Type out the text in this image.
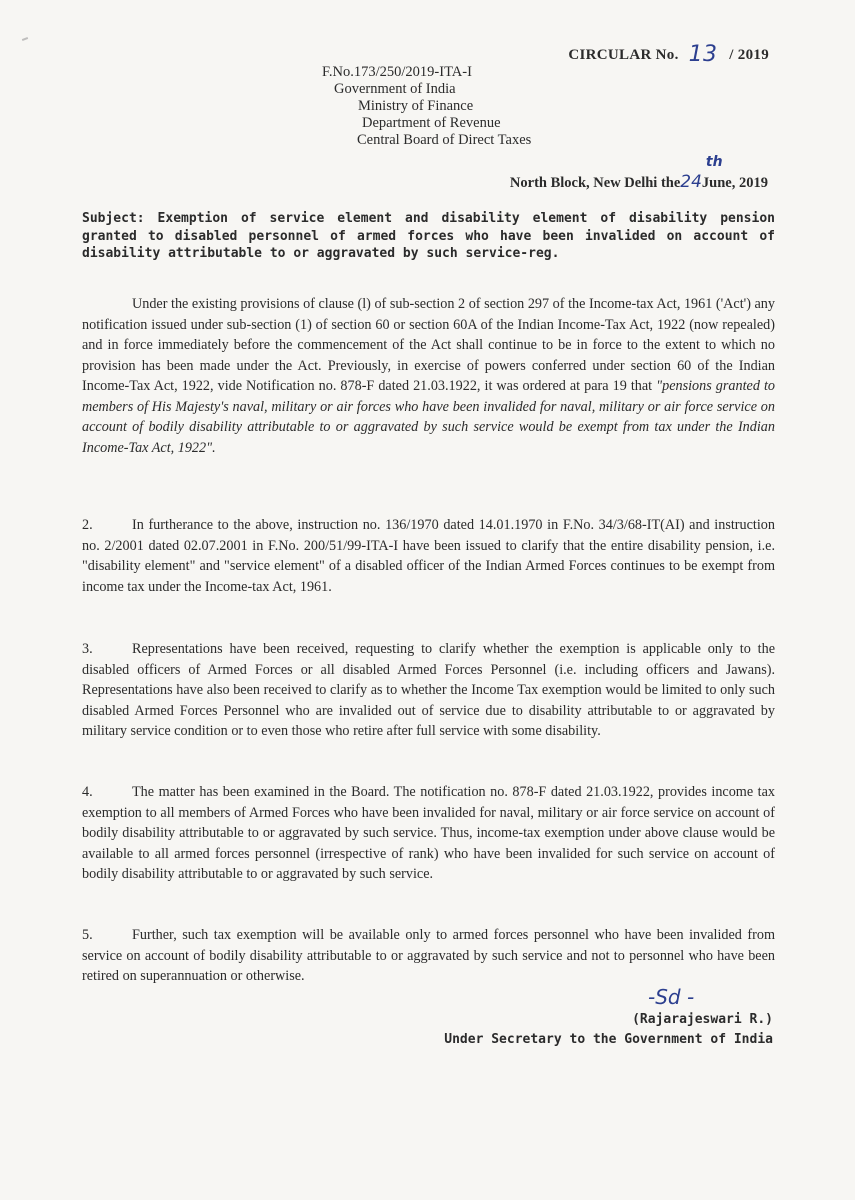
CIRCULAR No. 13 / 2019
F.No.173/250/2019-ITA-I
Government of India
Ministry of Finance
Department of Revenue
Central Board of Direct Taxes
North Block, New Delhi the24
th
June, 2019
Subject: Exemption of service element and disability element of disability pension granted to disabled personnel of armed forces who have been invalided on account of disability attributable to or aggravated by such service-reg.
Under the existing provisions of clause (l) of sub-section 2 of section 297 of the Income-tax Act, 1961 ('Act') any notification issued under sub-section (1) of section 60 or section 60A of the Indian Income-Tax Act, 1922 (now repealed) and in force immediately before the commencement of the Act shall continue to be in force to the extent to which no provision has been made under the Act. Previously, in exercise of powers conferred under section 60 of the Indian Income-Tax Act, 1922, vide Notification no. 878-F dated 21.03.1922, it was ordered at para 19 that "pensions granted to members of His Majesty's naval, military or air forces who have been invalided for naval, military or air force service on account of bodily disability attributable to or aggravated by such service would be exempt from tax under the Indian Income-Tax Act, 1922".
2.	In furtherance to the above, instruction no. 136/1970 dated 14.01.1970 in F.No. 34/3/68-IT(AI) and instruction no. 2/2001 dated 02.07.2001 in F.No. 200/51/99-ITA-I have been issued to clarify that the entire disability pension, i.e. "disability element" and "service element" of a disabled officer of the Indian Armed Forces continues to be exempt from income tax under the Income-tax Act, 1961.
3.	Representations have been received, requesting to clarify whether the exemption is applicable only to the disabled officers of Armed Forces or all disabled Armed Forces Personnel (i.e. including officers and Jawans). Representations have also been received to clarify as to whether the Income Tax exemption would be limited to only such disabled Armed Forces Personnel who are invalided out of service due to disability attributable to or aggravated by military service condition or to even those who retire after full service with some disability.
4.	The matter has been examined in the Board. The notification no. 878-F dated 21.03.1922, provides income tax exemption to all members of Armed Forces who have been invalided for naval, military or air force service on account of bodily disability attributable to or aggravated by such service. Thus, income-tax exemption under above clause would be available to all armed forces personnel (irrespective of rank) who have been invalided for such service on account of bodily disability attributable to or aggravated by such service.
5.	Further, such tax exemption will be available only to armed forces personnel who have been invalided from service on account of bodily disability attributable to or aggravated by such service and not to personnel who have been retired on superannuation or otherwise.
-Sd -
(Rajarajeswari R.)
Under Secretary to the Government of India
